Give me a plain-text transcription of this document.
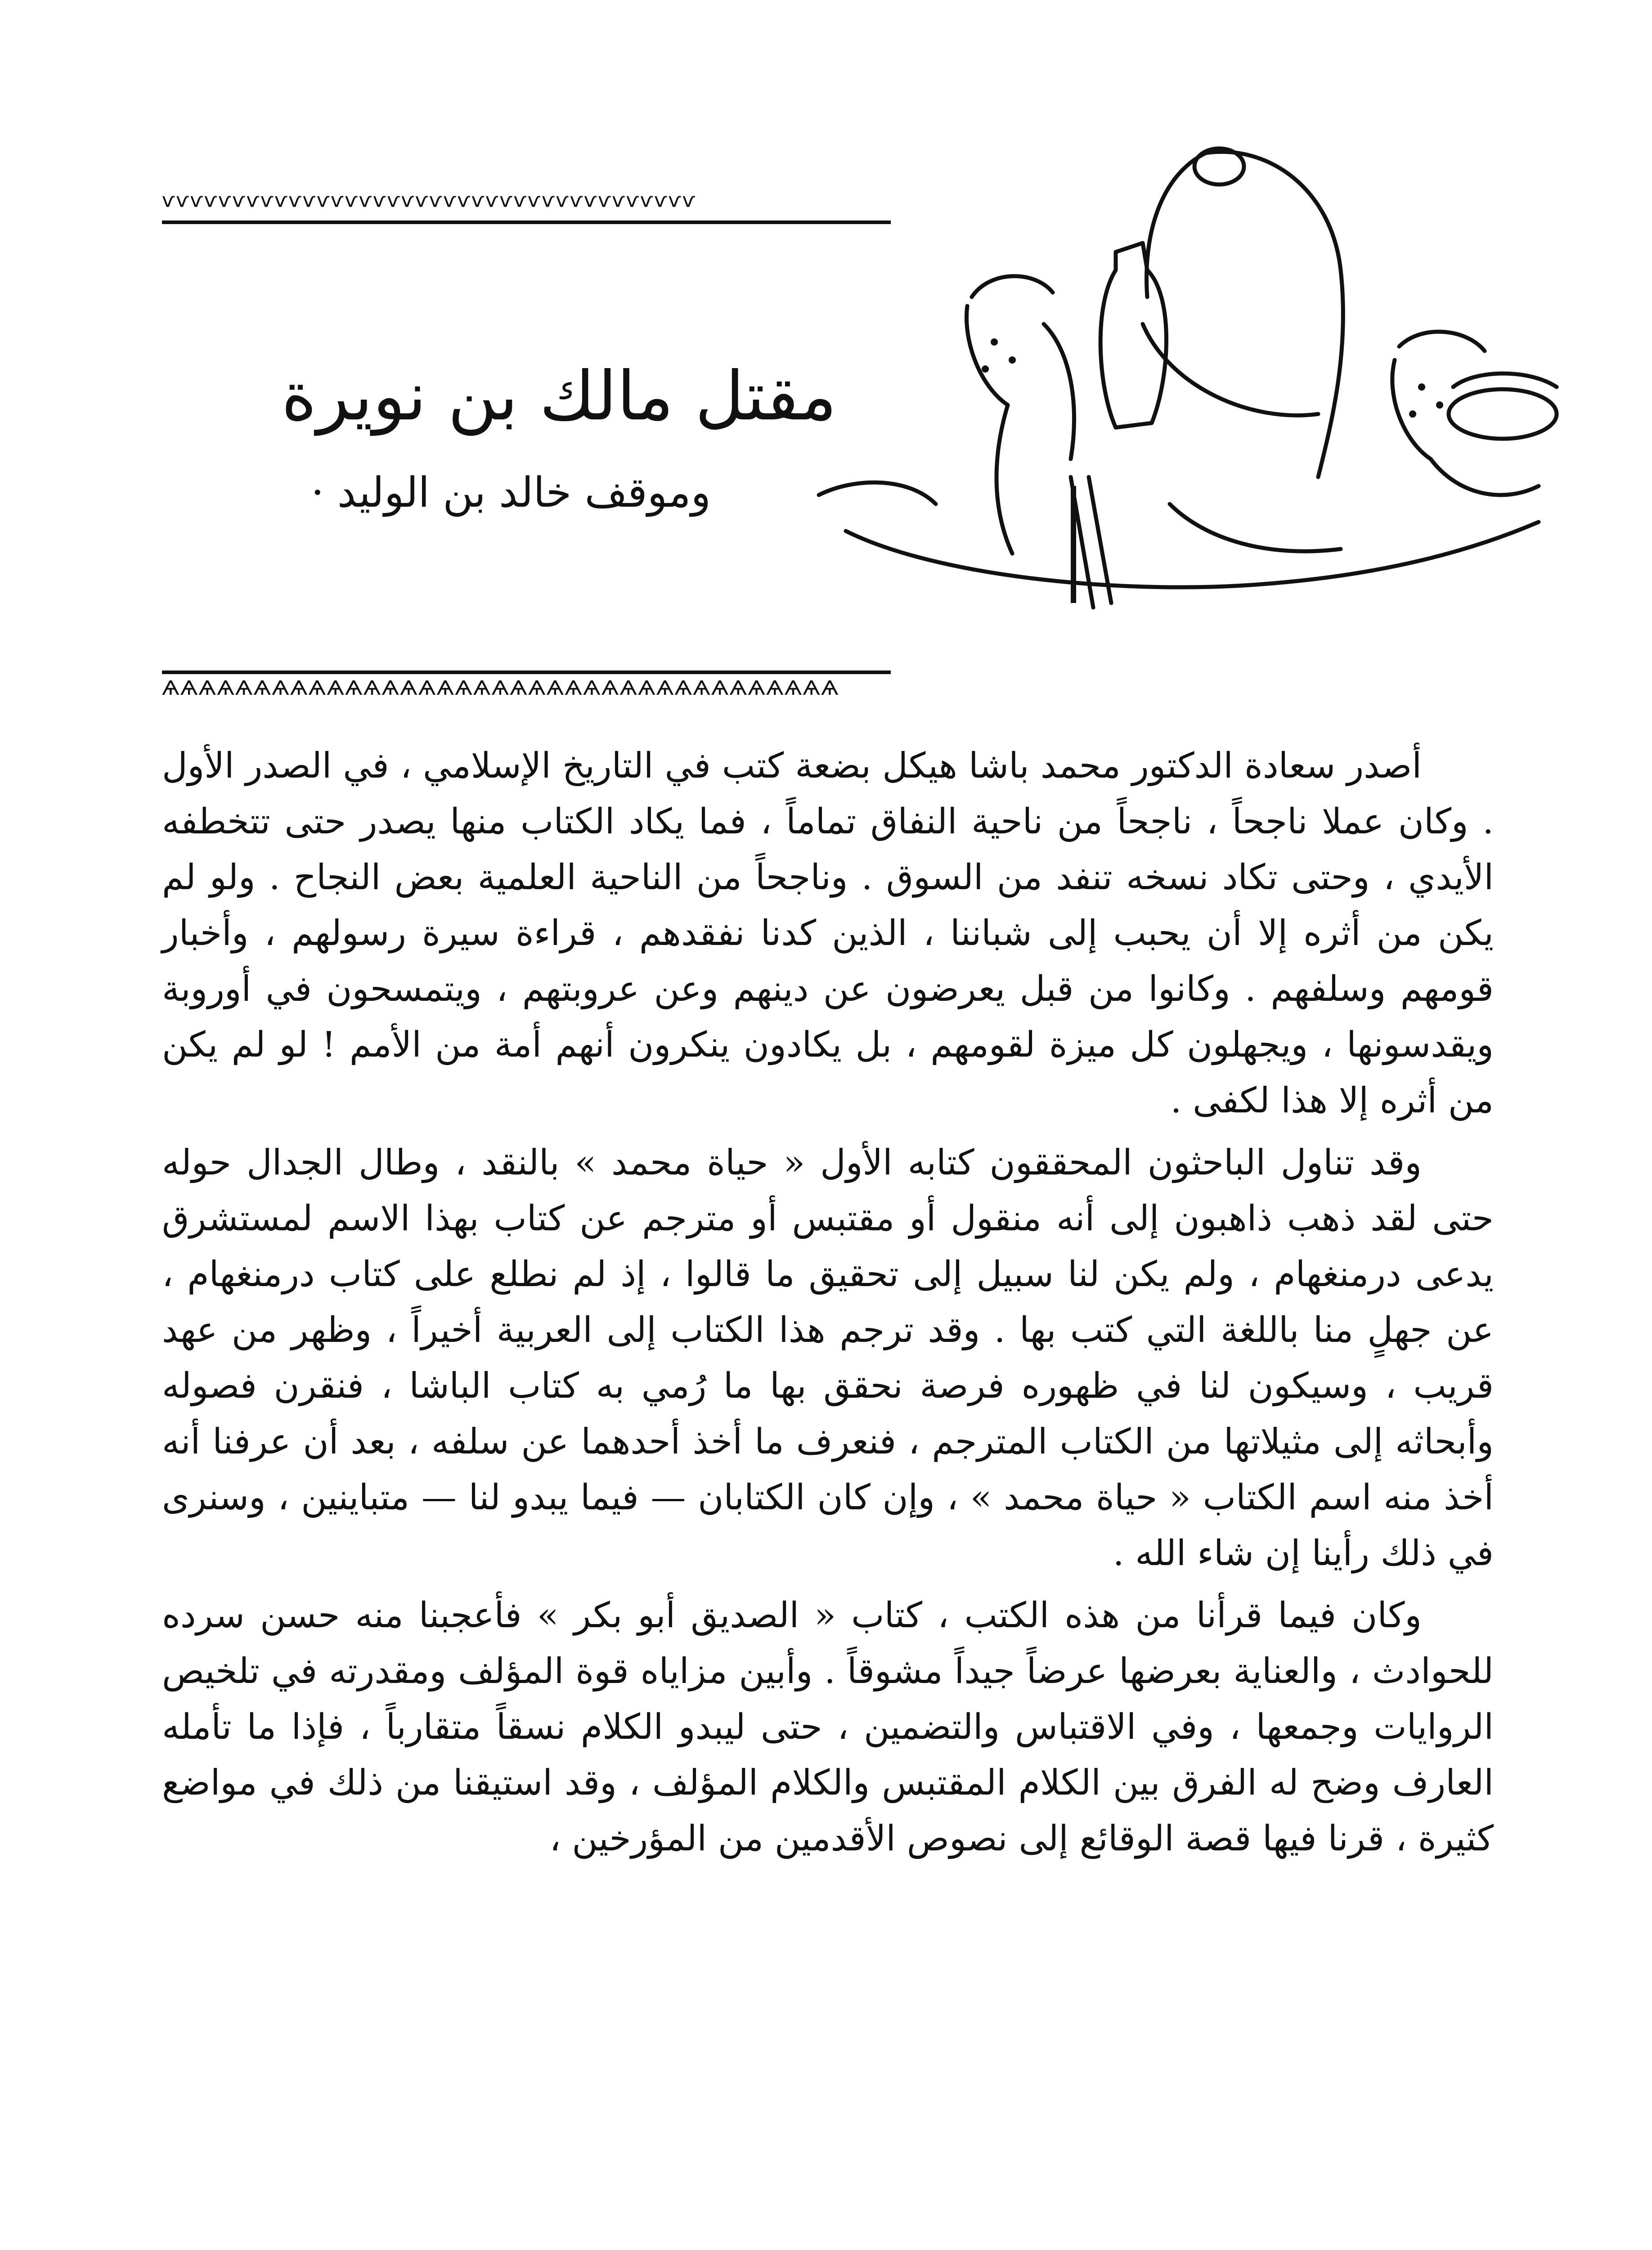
ѵѵѵѵѵѵѵѵѵѵѵѵѵѵѵѵѵѵѵѵѵѵѵѵѵѵѵѵѵѵѵѵѵѵѵѵѵѵ
مقتل مالك بن نويرة
وموقف خالد بن الوليد ·
ѦѦѦѦѦѦѦѦѦѦѦѦѦѦѦѦѦѦѦѦѦѦѦѦѦѦѦѦѦѦѦѦѦѦѦѦѦ

أصدر سعادة الدكتور محمد باشا هيكل بضعة كتب في التاريخ الإسلامي ، في الصدر الأول . وكان عملا ناجحاً ، ناجحاً من ناحية النفاق تماماً ، فما يكاد الكتاب منها يصدر حتى تتخطفه الأيدي ، وحتى تكاد نسخه تنفد من السوق . وناجحاً من الناحية العلمية بعض النجاح . ولو لم يكن من أثره إلا أن يحبب إلى شباننا ، الذين كدنا نفقدهم ، قراءة سيرة رسولهم ، وأخبار قومهم وسلفهم . وكانوا من قبل يعرضون عن دينهم وعن عروبتهم ، ويتمسحون في أوروبة ويقدسونها ، ويجهلون كل ميزة لقومهم ، بل يكادون ينكرون أنهم أمة من الأمم ! لو لم يكن من أثره إلا هذا لكفى .

وقد تناول الباحثون المحققون كتابه الأول « حياة محمد » بالنقد ، وطال الجدال حوله حتى لقد ذهب ذاهبون إلى أنه منقول أو مقتبس أو مترجم عن كتاب بهذا الاسم لمستشرق يدعى درمنغهام ، ولم يكن لنا سبيل إلى تحقيق ما قالوا ، إذ لم نطلع على كتاب درمنغهام ، عن جهلٍ منا باللغة التي كتب بها . وقد ترجم هذا الكتاب إلى العربية أخيراً ، وظهر من عهد قريب ، وسيكون لنا في ظهوره فرصة نحقق بها ما رُمي به كتاب الباشا ، فنقرن فصوله وأبحاثه إلى مثيلاتها من الكتاب المترجم ، فنعرف ما أخذ أحدهما عن سلفه ، بعد أن عرفنا أنه أخذ منه اسم الكتاب « حياة محمد » ، وإن كان الكتابان — فيما يبدو لنا — متباينين ، وسنرى في ذلك رأينا إن شاء الله .

وكان فيما قرأنا من هذه الكتب ، كتاب « الصديق أبو بكر » فأعجبنا منه حسن سرده للحوادث ، والعناية بعرضها عرضاً جيداً مشوقاً . وأبين مزاياه قوة المؤلف ومقدرته في تلخيص الروايات وجمعها ، وفي الاقتباس والتضمين ، حتى ليبدو الكلام نسقاً متقارباً ، فإذا ما تأمله العارف وضح له الفرق بين الكلام المقتبس والكلام المؤلف ، وقد استيقنا من ذلك في مواضع كثيرة ، قرنا فيها قصة الوقائع إلى نصوص الأقدمين من المؤرخين ،
